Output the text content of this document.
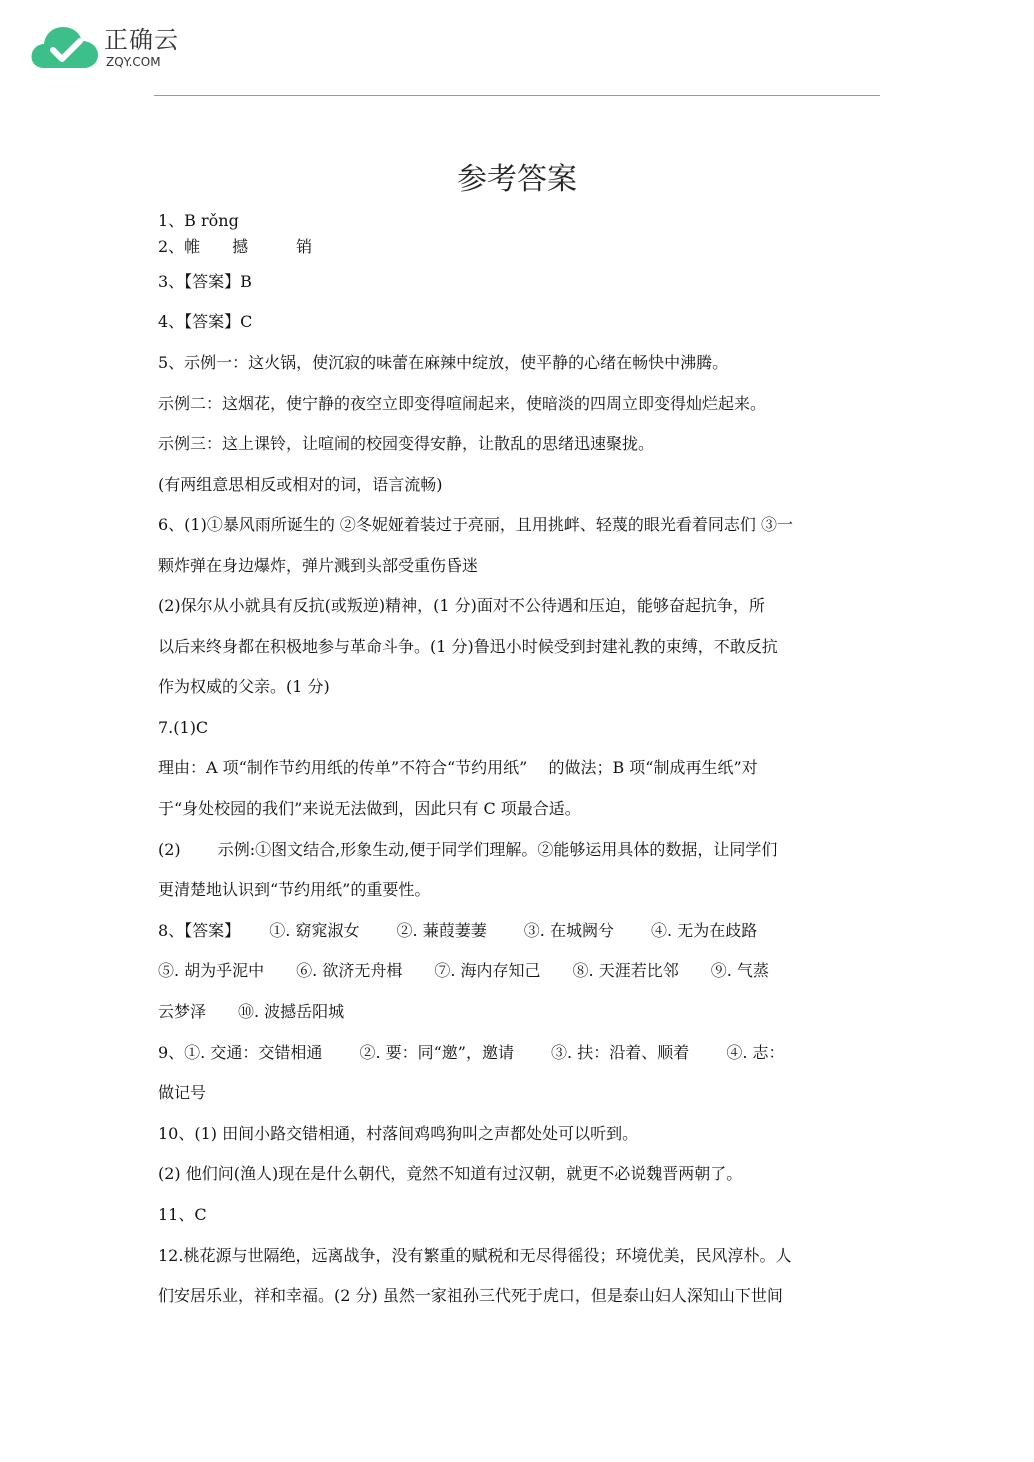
正确云
ZQY.COM
参考答案
1、B rǒng
2、帷　　撼　　　销
3、【答案】B
4、【答案】C
5、示例一：这火锅，使沉寂的味蕾在麻辣中绽放，使平静的心绪在畅快中沸腾。
示例二：这烟花，使宁静的夜空立即变得喧闹起来，使暗淡的四周立即变得灿烂起来。
示例三：这上课铃，让喧闹的校园变得安静，让散乱的思绪迅速聚拢。
(有两组意思相反或相对的词，语言流畅)
6、(1)①暴风雨所诞生的 ②冬妮娅着装过于亮丽，且用挑衅、轻蔑的眼光看着同志们 ③一
颗炸弹在身边爆炸，弹片溅到头部受重伤昏迷
(2)保尔从小就具有反抗(或叛逆)精神，(1 分)面对不公待遇和压迫，能够奋起抗争，所
以后来终身都在积极地参与革命斗争。(1 分)鲁迅小时候受到封建礼教的束缚，不敢反抗
作为权威的父亲。(1 分)
7.(1)C
理由：A 项“制作节约用纸的传单”不符合“节约用纸”　 的做法；B 项“制成再生纸”对
于“身处校园的我们”来说无法做到，因此只有 C 项最合适。
(2)　　 示例:①图文结合,形象生动,便于同学们理解。②能够运用具体的数据，让同学们
更清楚地认识到“节约用纸”的重要性。
8、【答案】　　 ①. 窈窕淑女　　 ②. 蒹葭萋萋　　 ③. 在城阙兮　　 ④. 无为在歧路
⑤. 胡为乎泥中　　⑥. 欲济无舟楫　　⑦. 海内存知己　　⑧. 天涯若比邻　　⑨. 气蒸
云梦泽　　⑩. 波撼岳阳城
9、①. 交通：交错相通　　 ②. 要：同“邀”，邀请　　 ③. 扶：沿着、顺着　　 ④. 志：
做记号
10、(1) 田间小路交错相通，村落间鸡鸣狗叫之声都处处可以听到。
(2) 他们问(渔人)现在是什么朝代，竟然不知道有过汉朝，就更不必说魏晋两朝了。
11、C
12.桃花源与世隔绝，远离战争，没有繁重的赋税和无尽得徭役；环境优美，民风淳朴。人
们安居乐业，祥和幸福。(2 分) 虽然一家祖孙三代死于虎口，但是泰山妇人深知山下世间
